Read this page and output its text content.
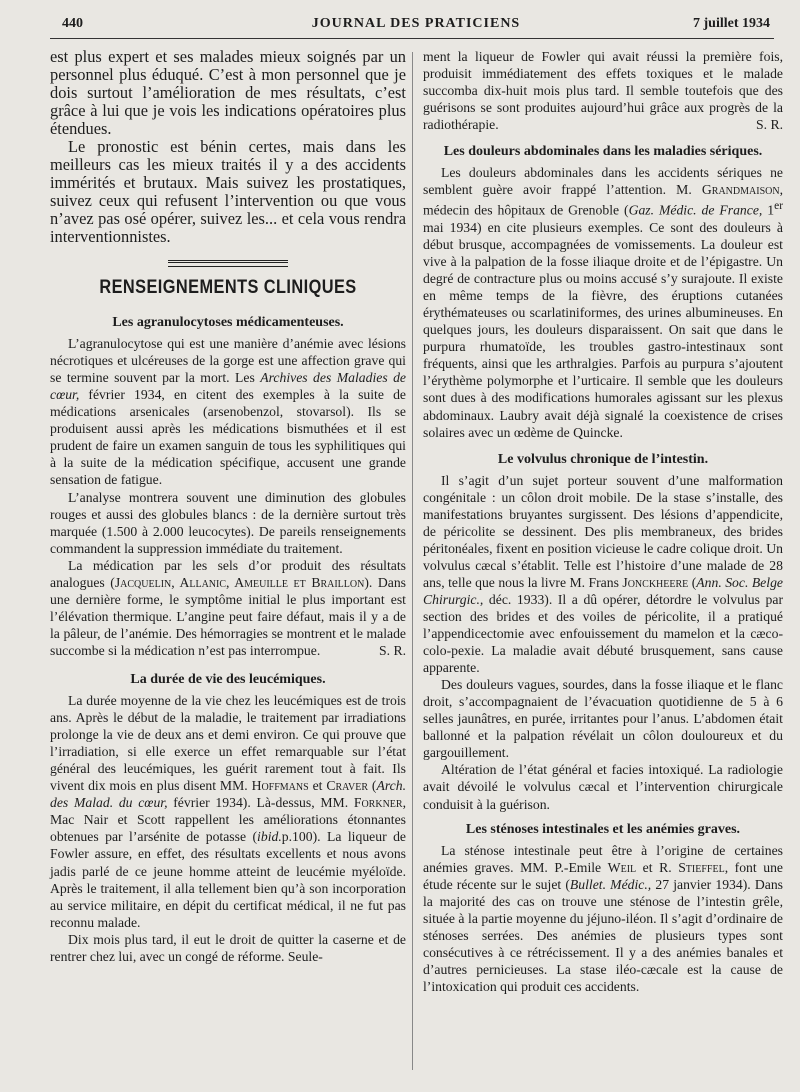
440	JOURNAL DES PRATICIENS	7 juillet 1934

est plus expert et ses malades mieux soignés par un personnel plus éduqué. C’est à mon personnel que je dois surtout l’amélioration de mes résultats, c’est grâce à lui que je vois les indications opératoires plus étendues.

Le pronostic est bénin certes, mais dans les meilleurs cas les mieux traités il y a des accidents immérités et brutaux. Mais suivez les prostatiques, suivez ceux qui refusent l’intervention ou que vous n’avez pas osé opérer, suivez les... et cela vous rendra interventionnistes.

RENSEIGNEMENTS CLINIQUES
Les agranulocytoses médicamenteuses.

L’agranulocytose qui est une manière d’anémie avec lésions nécrotiques et ulcéreuses de la gorge est une affection grave qui se termine souvent par la mort. Les Archives des Maladies de cœur, février 1934, en citent des exemples à la suite de médications arsenicales (arsenobenzol, stovarsol). Ils se produisent aussi après les médications bismuthées et il est prudent de faire un examen sanguin de tous les syphilitiques qui à la suite de la médication spécifique, accusent une grande sensation de fatigue.

L’analyse montrera souvent une diminution des globules rouges et aussi des globules blancs : de la dernière surtout très marquée (1.500 à 2.000 leucocytes). De pareils renseignements commandent la suppression immédiate du traitement.

La médication par les sels d’or produit des résultats analogues (Jacquelin, Allanic, Ameuille et Braillon). Dans une dernière forme, le symptôme initial le plus important est l’élévation thermique. L’angine peut faire défaut, mais il y a de la pâleur, de l’anémie. Des hémorragies se montrent et le malade succombe si la médication n’est pas interrompue.	S. R.

La durée de vie des leucémiques.

La durée moyenne de la vie chez les leucémiques est de trois ans. Après le début de la maladie, le traitement par irradiations prolonge la vie de deux ans et demi environ. Ce qui prouve que l’irradiation, si elle exerce un effet remarquable sur l’état général des leucémiques, les guérit rarement tout à fait. Ils vivent dix mois en plus disent MM. Hoffmans et Craver (Arch. des Malad. du cœur, février 1934). Là-dessus, MM. Forkner, Mac Nair et Scott rappellent les améliorations étonnantes obtenues par l’arsénite de potasse (ibid.p.100). La liqueur de Fowler assure, en effet, des résultats excellents et nous avons jadis parlé de ce jeune homme atteint de leucémie myéloïde. Après le traitement, il alla tellement bien qu’à son incorporation au service militaire, en dépit du certificat médical, il ne fut pas reconnu malade.

Dix mois plus tard, il eut le droit de quitter la caserne et de rentrer chez lui, avec un congé de réforme. Seule-

ment la liqueur de Fowler qui avait réussi la première fois, produisit immédiatement des effets toxiques et le malade succomba dix-huit mois plus tard. Il semble toutefois que des guérisons se sont produites aujourd’hui grâce aux progrès de la radiothérapie.	S. R.

Les douleurs abdominales dans les maladies sériques.

Les douleurs abdominales dans les accidents sériques ne semblent guère avoir frappé l’attention. M. Grandmaison, médecin des hôpitaux de Grenoble (Gaz. Médic. de France, 1er mai 1934) en cite plusieurs exemples. Ce sont des douleurs à début brusque, accompagnées de vomissements. La douleur est vive à la palpation de la fosse iliaque droite et de l’épigastre. Un degré de contracture plus ou moins accusé s’y surajoute. Il existe en même temps de la fièvre, des éruptions cutanées érythémateuses ou scarlatiniformes, des urines albumineuses. En quelques jours, les douleurs disparaissent. On sait que dans le purpura rhumatoïde, les troubles gastro-intestinaux sont fréquents, ainsi que les arthralgies. Parfois au purpura s’ajoutent l’érythème polymorphe et l’urticaire. Il semble que les douleurs sont dues à des modifications humorales agissant sur les plexus abdominaux. Laubry avait déjà signalé la coexistence de crises solaires avec un œdème de Quincke.

Le volvulus chronique de l’intestin.

Il s’agit d’un sujet porteur souvent d’une malformation congénitale : un côlon droit mobile. De la stase s’installe, des manifestations bruyantes surgissent. Des lésions d’appendicite, de péricolite se dessinent. Des plis membraneux, des brides péritonéales, fixent en position vicieuse le cadre colique droit. Un volvulus cæcal s’établit. Telle est l’histoire d’une malade de 28 ans, telle que nous la livre M. Frans Jonckheere (Ann. Soc. Belge Chirurgic., déc. 1933). Il a dû opérer, détordre le volvulus par section des brides et des voiles de péricolite, il a pratiqué l’appendicectomie avec enfouissement du mamelon et la cæco-colo-pexie. La maladie avait débuté brusquement, sans cause apparente.

Des douleurs vagues, sourdes, dans la fosse iliaque et le flanc droit, s’accompagnaient de l’évacuation quotidienne de 5 à 6 selles jaunâtres, en purée, irritantes pour l’anus. L’abdomen était ballonné et la palpation révélait un côlon douloureux et du gargouillement.

Altération de l’état général et facies intoxiqué. La radiologie avait dévoilé le volvulus cæcal et l’intervention chirurgicale conduisit à la guérison.

Les sténoses intestinales et les anémies graves.

La sténose intestinale peut être à l’origine de certaines anémies graves. MM. P.-Emile Weil et R. Stieffel, font une étude récente sur le sujet (Bullet. Médic., 27 janvier 1934). Dans la majorité des cas on trouve une sténose de l’intestin grêle, située à la partie moyenne du jéjuno-iléon. Il s’agit d’ordinaire de sténoses serrées. Des anémies de plusieurs types sont consécutives à ce rétrécissement. Il y a des anémies banales et d’autres pernicieuses. La stase iléo-cæcale est la cause de l’intoxication qui produit ces accidents.
